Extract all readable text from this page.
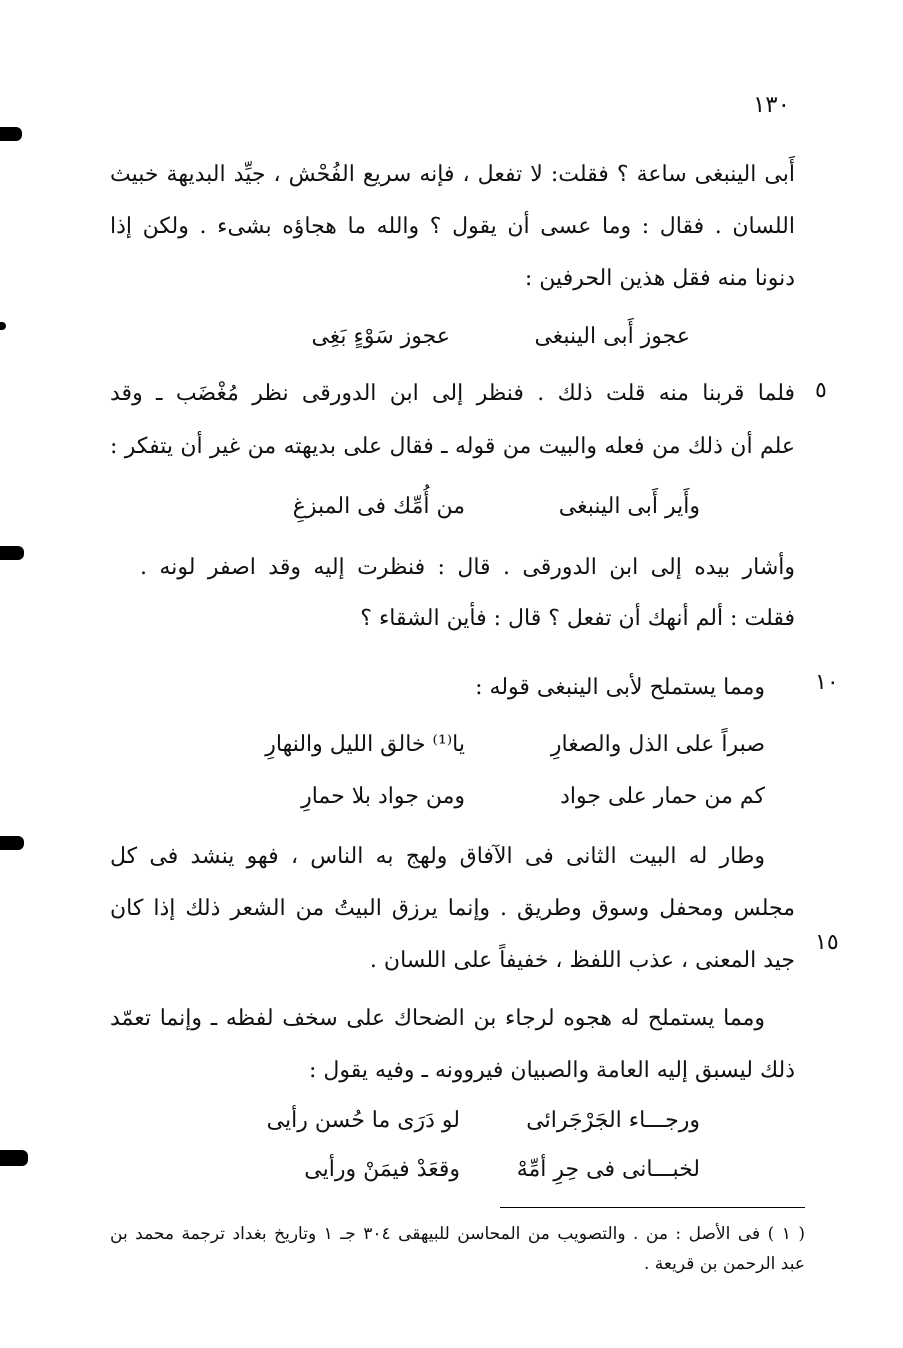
١٣٠
أَبى الينبغى ساعة ؟ فقلت: لا تفعل ، فإنه سريع الفُحْش ، جيِّد البديهة خبيث
اللسان . فقال : وما عسى أن يقول ؟ والله ما هجاؤه بشىء . ولكن إذا
دنونا منه فقل هذين الحرفين :
عجوز أَبى الينبغىعجوز سَوْءٍ بَغِى
٥
فلما قربنا منه قلت ذلك . فنظر إلى ابن الدورقى نظر مُغْضَب ـ وقد
علم أن ذلك من فعله والبيت من قوله ـ فقال على بديهته من غير أن يتفكر :
وأَير أَبى الينبغىمن أُمِّك فى المبزغِ
وأشار بيده إلى ابن الدورقى . قال : فنظرت إليه وقد اصفر لونه .
فقلت : ألم أنهك أن تفعل ؟ قال : فأين الشقاء ؟
١٠
ومما يستملح لأبى الينبغى قوله :
صبراً على الذل والصغارِيا⁽¹⁾ خالق الليل والنهارِ
كم من حمار على جوادومن جواد بلا حمارِ
وطار له البيت الثانى فى الآفاق ولهج به الناس ، فهو ينشد فى كل
مجلس ومحفل وسوق وطريق . وإنما يرزق البيتُ من الشعر ذلك إذا كان
١٥
جيد المعنى ، عذب اللفظ ، خفيفاً على اللسان .
ومما يستملح له هجوه لرجاء بن الضحاك على سخف لفظه ـ وإنما تعمّد
ذلك ليسبق إليه العامة والصبيان فيروونه ـ وفيه يقول :
ورجـــاء الجَرْجَرائىلو دَرَى ما حُسن رأيى
لخبـــانى فى حِرِ أمِّهْوقعَدْ فيمَنْ ورأيى
( ١ ) فى الأصل : من . والتصويب من المحاسن للبيهقى ٣٠٤ جـ ١ وتاريخ بغداد ترجمة محمد بن
عبد الرحمن بن قريعة .
